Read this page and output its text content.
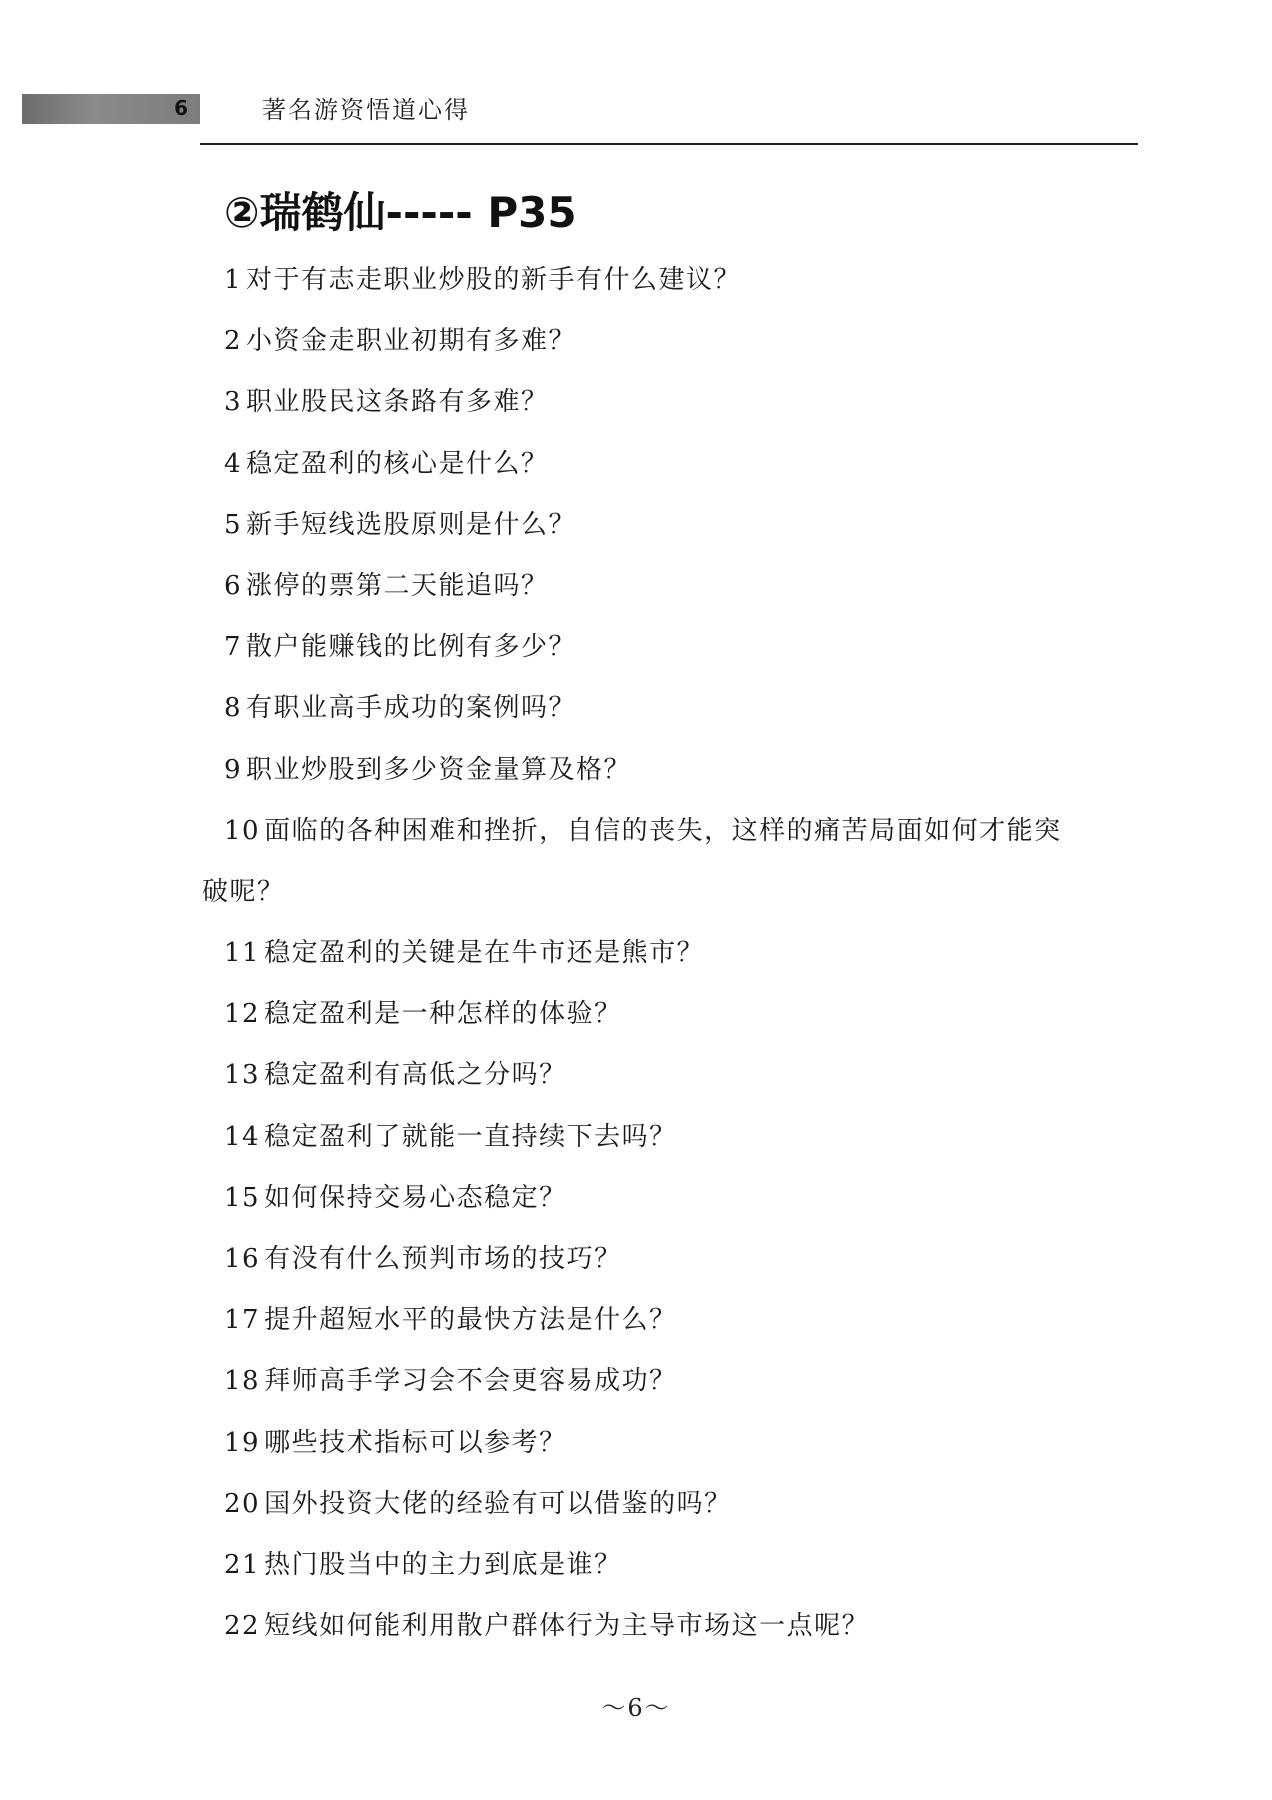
6	著名游资悟道心得
②瑞鹤仙----- P35
1 对于有志走职业炒股的新手有什么建议？
2 小资金走职业初期有多难？
3 职业股民这条路有多难？
4 稳定盈利的核心是什么？
5 新手短线选股原则是什么？
6 涨停的票第二天能追吗？
7 散户能赚钱的比例有多少？
8 有职业高手成功的案例吗？
9 职业炒股到多少资金量算及格？
10 面临的各种困难和挫折，自信的丧失，这样的痛苦局面如何才能突
破呢？
11 稳定盈利的关键是在牛市还是熊市？
12 稳定盈利是一种怎样的体验？
13 稳定盈利有高低之分吗？
14 稳定盈利了就能一直持续下去吗？
15 如何保持交易心态稳定？
16 有没有什么预判市场的技巧？
17 提升超短水平的最快方法是什么？
18 拜师高手学习会不会更容易成功？
19 哪些技术指标可以参考？
20 国外投资大佬的经验有可以借鉴的吗？
21 热门股当中的主力到底是谁？
22 短线如何能利用散户群体行为主导市场这一点呢？
～6～
